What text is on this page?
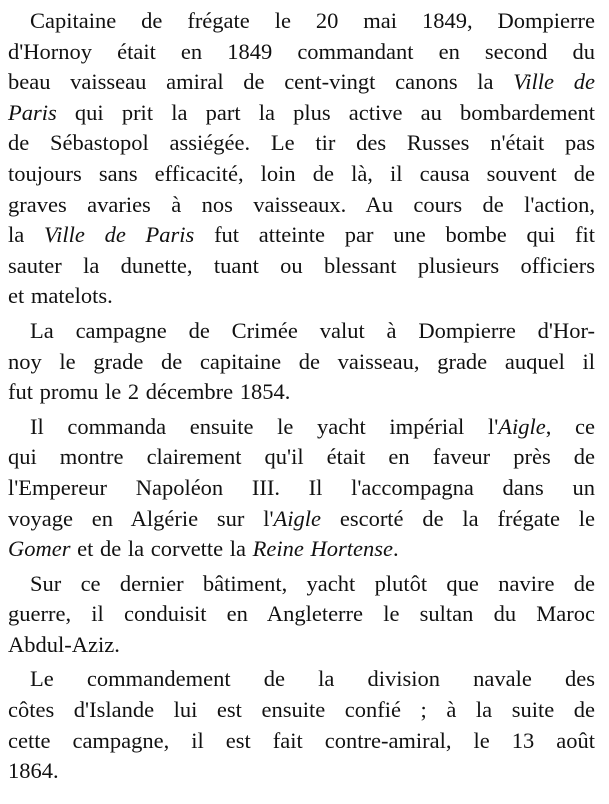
Capitaine de frégate le 20 mai 1849, Dompierre
d'Hornoy était en 1849 commandant en second du
beau vaisseau amiral de cent-vingt canons la Ville de
Paris qui prit la part la plus active au bombardement
de Sébastopol assiégée. Le tir des Russes n'était pas
toujours sans efficacité, loin de là, il causa souvent de
graves avaries à nos vaisseaux. Au cours de l'action,
la Ville de Paris fut atteinte par une bombe qui fit
sauter la dunette, tuant ou blessant plusieurs officiers
et matelots.
La campagne de Crimée valut à Dompierre d'Hor-
noy le grade de capitaine de vaisseau, grade auquel il
fut promu le 2 décembre 1854.
Il commanda ensuite le yacht impérial l'Aigle, ce
qui montre clairement qu'il était en faveur près de
l'Empereur Napoléon III. Il l'accompagna dans un
voyage en Algérie sur l'Aigle escorté de la frégate le
Gomer et de la corvette la Reine Hortense.
Sur ce dernier bâtiment, yacht plutôt que navire de
guerre, il conduisit en Angleterre le sultan du Maroc
Abdul-Aziz.
Le commandement de la division navale des
côtes d'Islande lui est ensuite confié ; à la suite de
cette campagne, il est fait contre-amiral, le 13 août
1864.
